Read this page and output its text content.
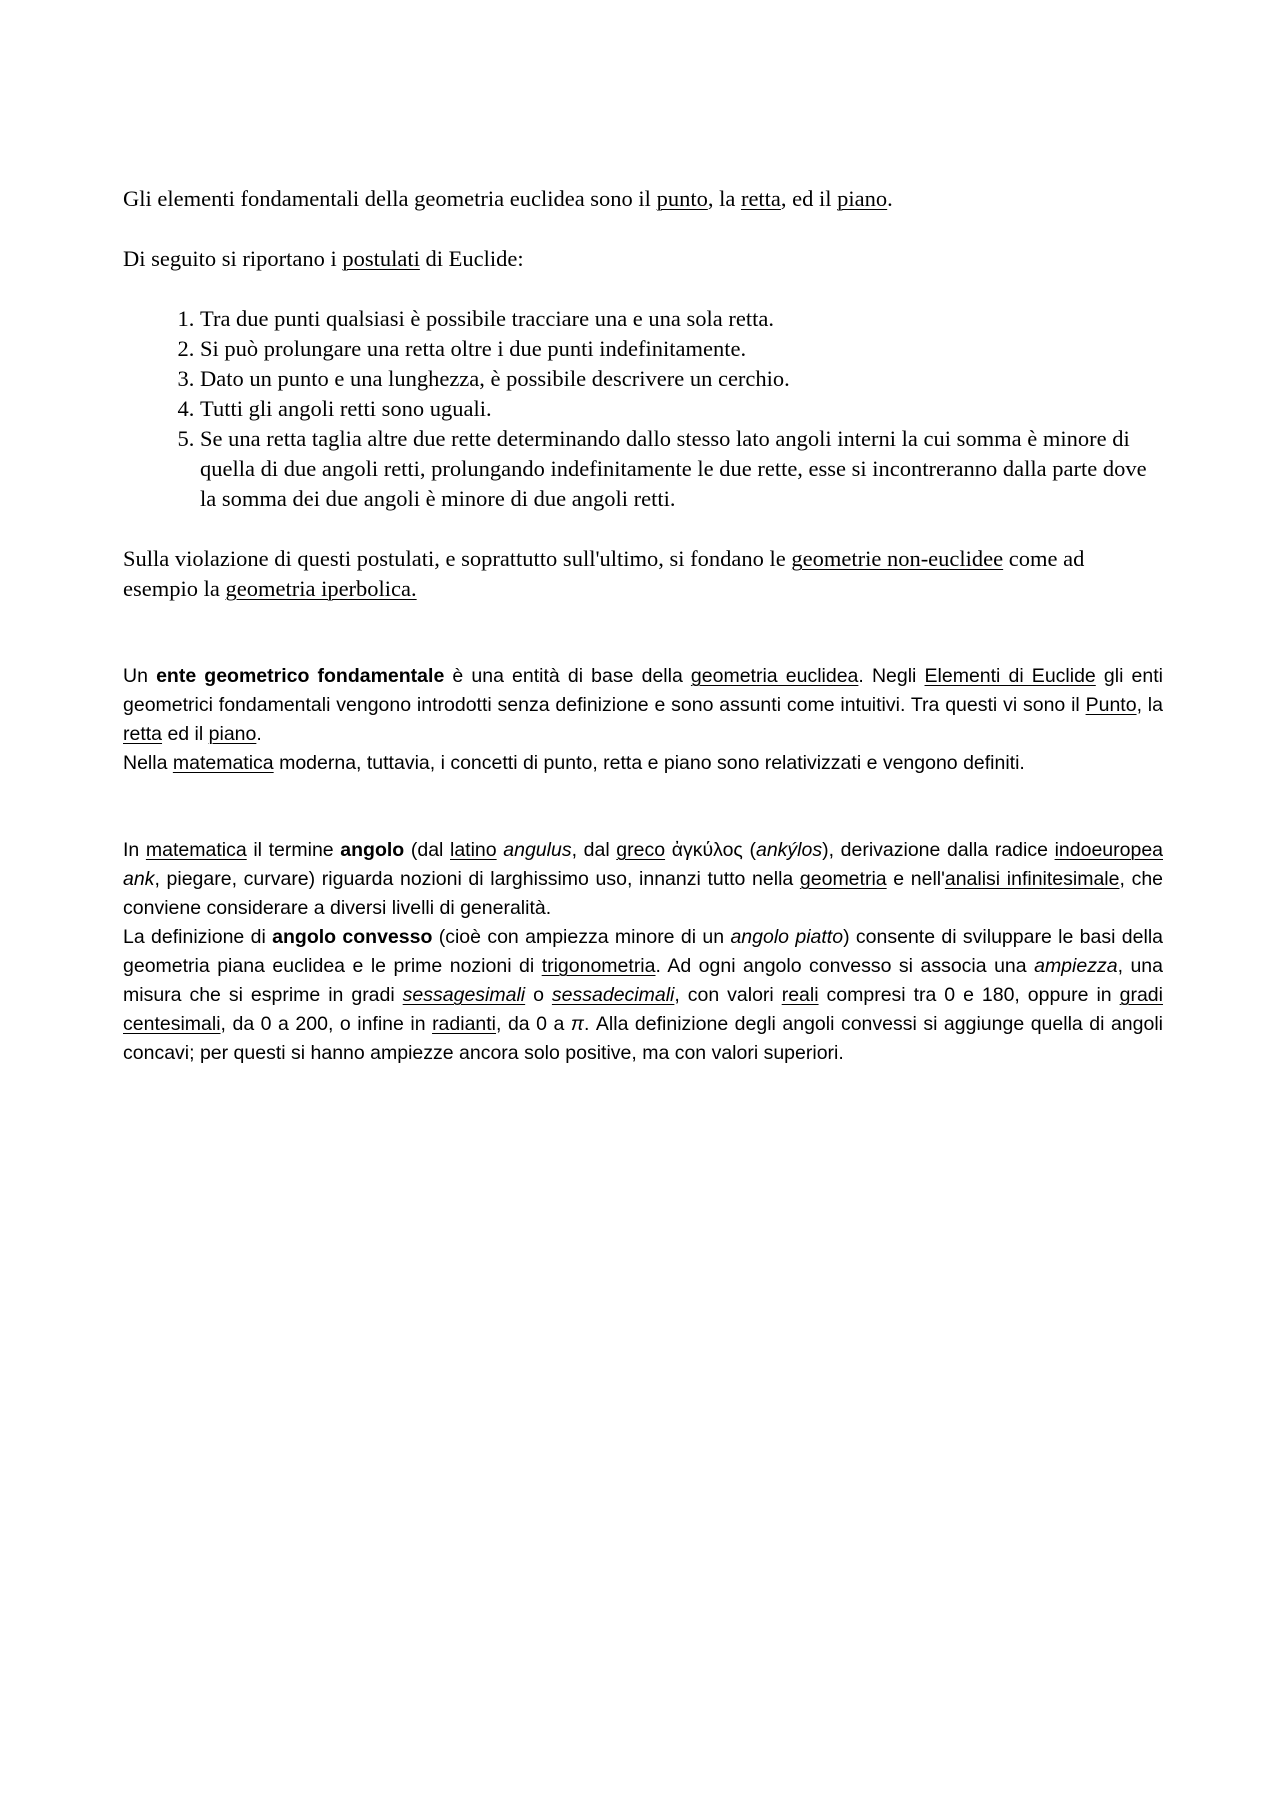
Gli elementi fondamentali della geometria euclidea sono il punto, la retta, ed il piano.

Di seguito si riportano i postulati di Euclide:

1. Tra due punti qualsiasi è possibile tracciare una e una sola retta.
2. Si può prolungare una retta oltre i due punti indefinitamente.
3. Dato un punto e una lunghezza, è possibile descrivere un cerchio.
4. Tutti gli angoli retti sono uguali.
5. Se una retta taglia altre due rette determinando dallo stesso lato angoli interni la cui somma è minore di quella di due angoli retti, prolungando indefinitamente le due rette, esse si incontreranno dalla parte dove la somma dei due angoli è minore di due angoli retti.

Sulla violazione di questi postulati, e soprattutto sull'ultimo, si fondano le geometrie non-euclidee come ad esempio la geometria iperbolica.

Un ente geometrico fondamentale è una entità di base della geometria euclidea. Negli Elementi di Euclide gli enti geometrici fondamentali vengono introdotti senza definizione e sono assunti come intuitivi. Tra questi vi sono il Punto, la retta ed il piano.

Nella matematica moderna, tuttavia, i concetti di punto, retta e piano sono relativizzati e vengono definiti.

In matematica il termine angolo (dal latino angulus, dal greco ἀγκύλος (ankýlos), derivazione dalla radice indoeuropea ank, piegare, curvare) riguarda nozioni di larghissimo uso, innanzi tutto nella geometria e nell'analisi infinitesimale, che conviene considerare a diversi livelli di generalità.

La definizione di angolo convesso (cioè con ampiezza minore di un angolo piatto) consente di sviluppare le basi della geometria piana euclidea e le prime nozioni di trigonometria. Ad ogni angolo convesso si associa una ampiezza, una misura che si esprime in gradi sessagesimali o sessadecimali, con valori reali compresi tra 0 e 180, oppure in gradi centesimali, da 0 a 200, o infine in radianti, da 0 a π. Alla definizione degli angoli convessi si aggiunge quella di angoli concavi; per questi si hanno ampiezze ancora solo positive, ma con valori superiori.
